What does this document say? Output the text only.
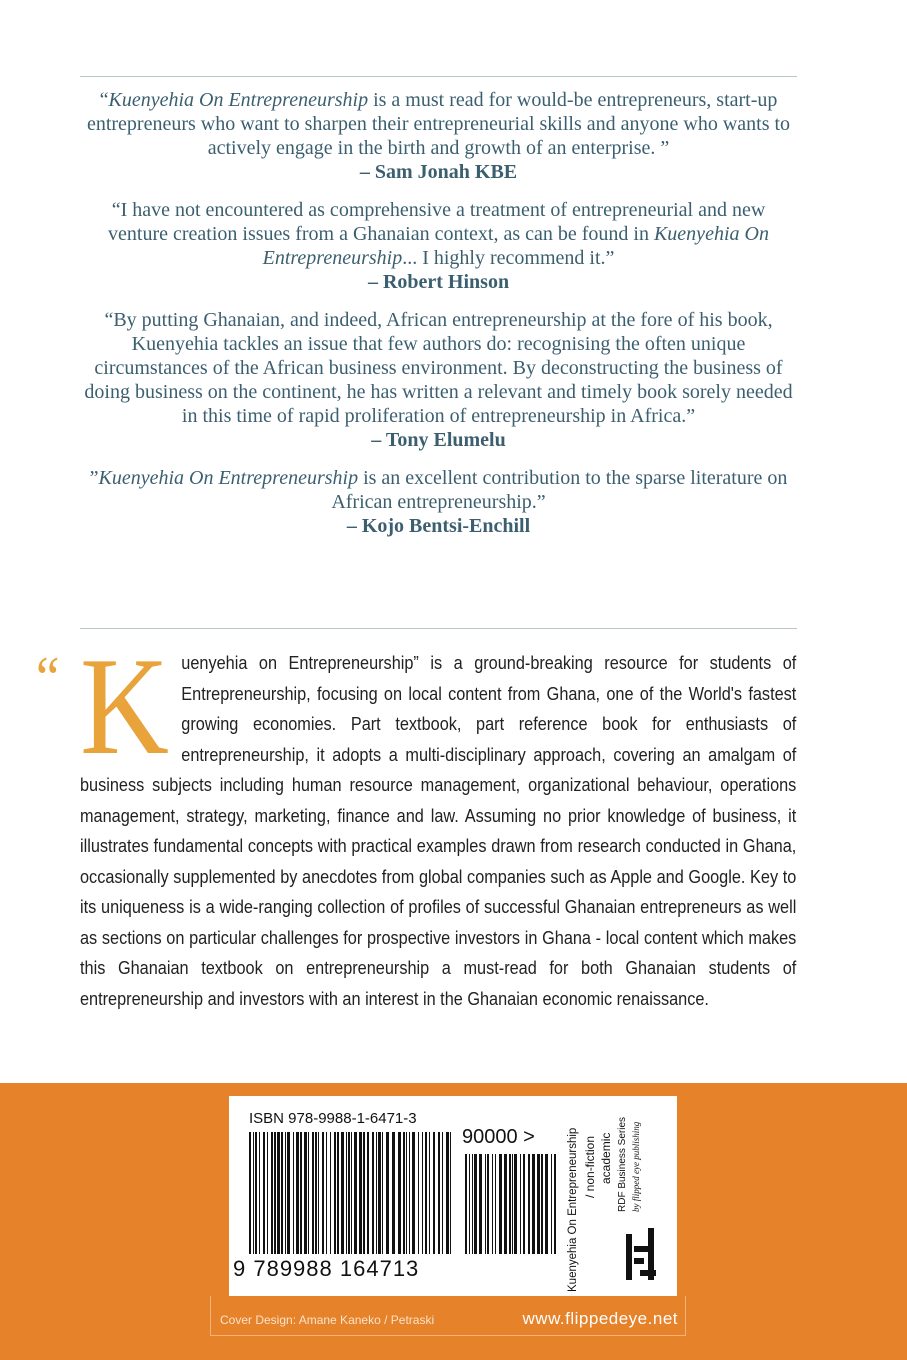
“Kuenyehia On Entrepreneurship is a must read for would-be entrepreneurs, start-up entrepreneurs who want to sharpen their entrepreneurial skills and anyone who wants to actively engage in the birth and growth of an enterprise. ”

– Sam Jonah KBE

“I have not encountered as comprehensive a treatment of entrepreneurial and new venture creation issues from a Ghanaian context, as can be found in Kuenyehia On Entrepreneurship... I highly recommend it.”

– Robert Hinson

“By putting Ghanaian, and indeed, African entrepreneurship at the fore of his book, Kuenyehia tackles an issue that few authors do: recognising the often unique circumstances of the African business environment. By deconstructing the business of doing business on the continent, he has written a relevant and timely book sorely needed in this time of rapid proliferation of entrepreneurship in Africa.”

– Tony Elumelu

”Kuenyehia On Entrepreneurship is an excellent contribution to the sparse literature on African entrepreneurship.”

– Kojo Bentsi-Enchill

“ K uenyehia on Entrepreneurship” is a ground-breaking resource for students of Entrepreneurship, focusing on local content from Ghana, one of the World's fastest growing economies. Part textbook, part reference book for enthusiasts of entrepreneurship, it adopts a multi-disciplinary approach, covering an amalgam of business subjects including human resource management, organizational behaviour, operations management, strategy, marketing, finance and law. Assuming no prior knowledge of business, it illustrates fundamental concepts with practical examples drawn from research conducted in Ghana, occasionally supplemented by anecdotes from global companies such as Apple and Google. Key to its uniqueness is a wide-ranging collection of profiles of successful Ghanaian entrepreneurs as well as sections on particular challenges for prospective investors in Ghana - local content which makes this Ghanaian textbook on entrepreneurship a must-read for both Ghanaian students of entrepreneurship and investors with an interest in the Ghanaian economic renaissance.
ISBN 978-9988-1-6471-3
90000 >
9 789988 164713	Kuenyehia On Entrepreneurship / non-fiction academic RDF Business Series by flipped eye publishing
Cover Design: Amane Kaneko / Petraski	www.flippedeye.net
